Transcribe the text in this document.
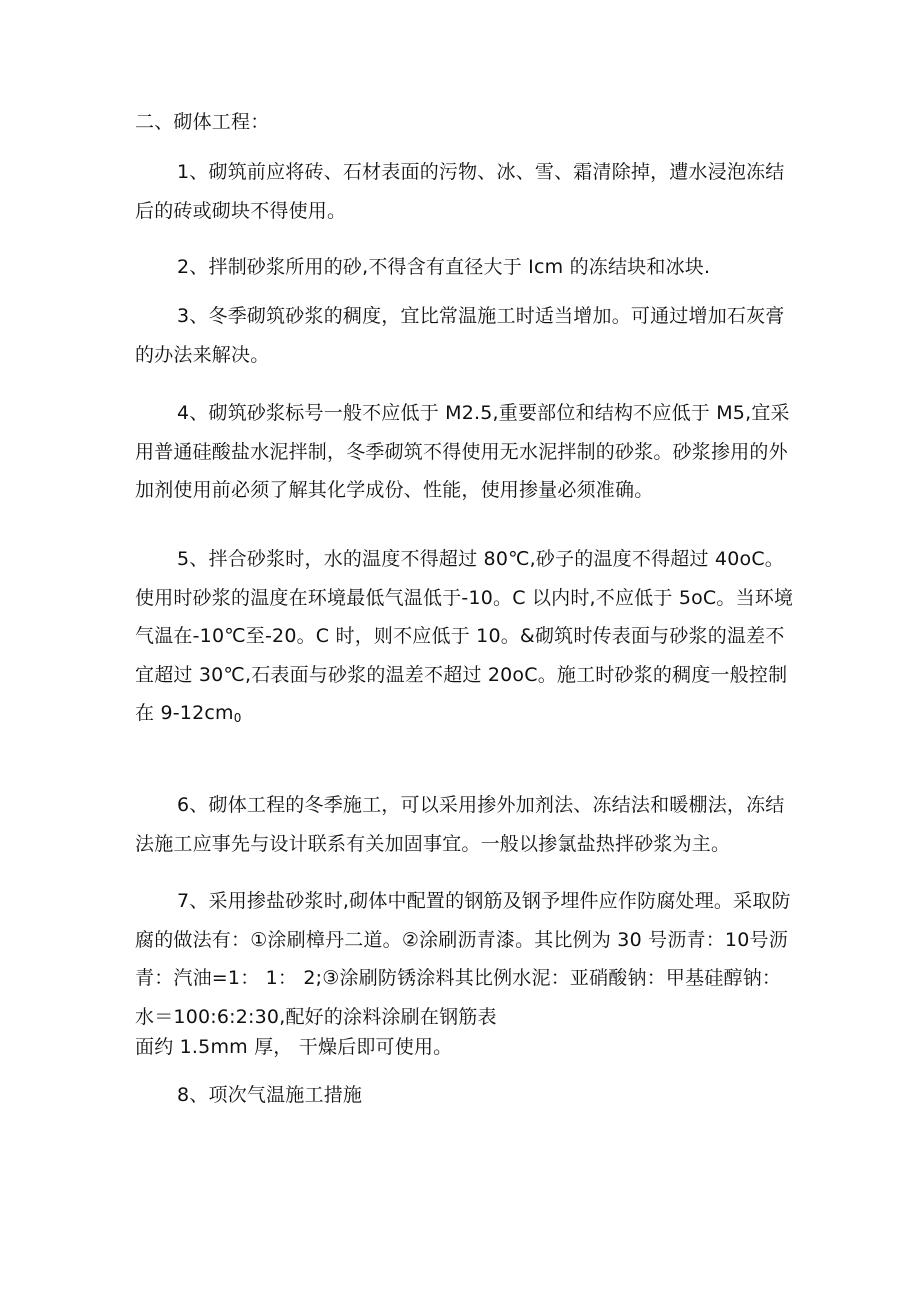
二、砌体工程：

1、砌筑前应将砖、石材表面的污物、冰、雪、霜清除掉，遭水浸泡冻结后的砖或砌块不得使用。

2、拌制砂浆所用的砂,不得含有直径大于 Icm 的冻结块和冰块.

3、冬季砌筑砂浆的稠度，宜比常温施工时适当增加。可通过增加石灰膏的办法来解决。

4、砌筑砂浆标号一般不应低于 M2.5,重要部位和结构不应低于 M5,宜采用普通硅酸盐水泥拌制，冬季砌筑不得使用无水泥拌制的砂浆。砂浆掺用的外加剂使用前必须了解其化学成份、性能，使用掺量必须准确。

5、拌合砂浆时，水的温度不得超过 80℃,砂子的温度不得超过 40oC。使用时砂浆的温度在环境最低气温低于-10。C 以内时,不应低于 5oC。当环境气温在-10℃至-20。C 时，则不应低于 10。&砌筑时传表面与砂浆的温差不宜超过 30℃,石表面与砂浆的温差不超过 20oC。施工时砂浆的稠度一般控制在 $9-12cm_0$

6、砌体工程的冬季施工，可以采用掺外加剂法、冻结法和暖棚法，冻结法施工应事先与设计联系有关加固事宜。一般以掺氯盐热拌砂浆为主。

7、采用掺盐砂浆时,砌体中配置的钢筋及钢予埋件应作防腐处理。采取防腐的做法有：①涂刷樟丹二道。②涂刷沥青漆。其比例为 30 号沥青：10号沥青：汽油=1： 1： 2;③涂刷防锈涂料其比例水泥：亚硝酸钠：甲基硅醇钠：水＝100:6:2:30,配好的涂料涂刷在钢筋表

面约 1.5mm 厚， 干燥后即可使用。

8、项次气温施工措施
